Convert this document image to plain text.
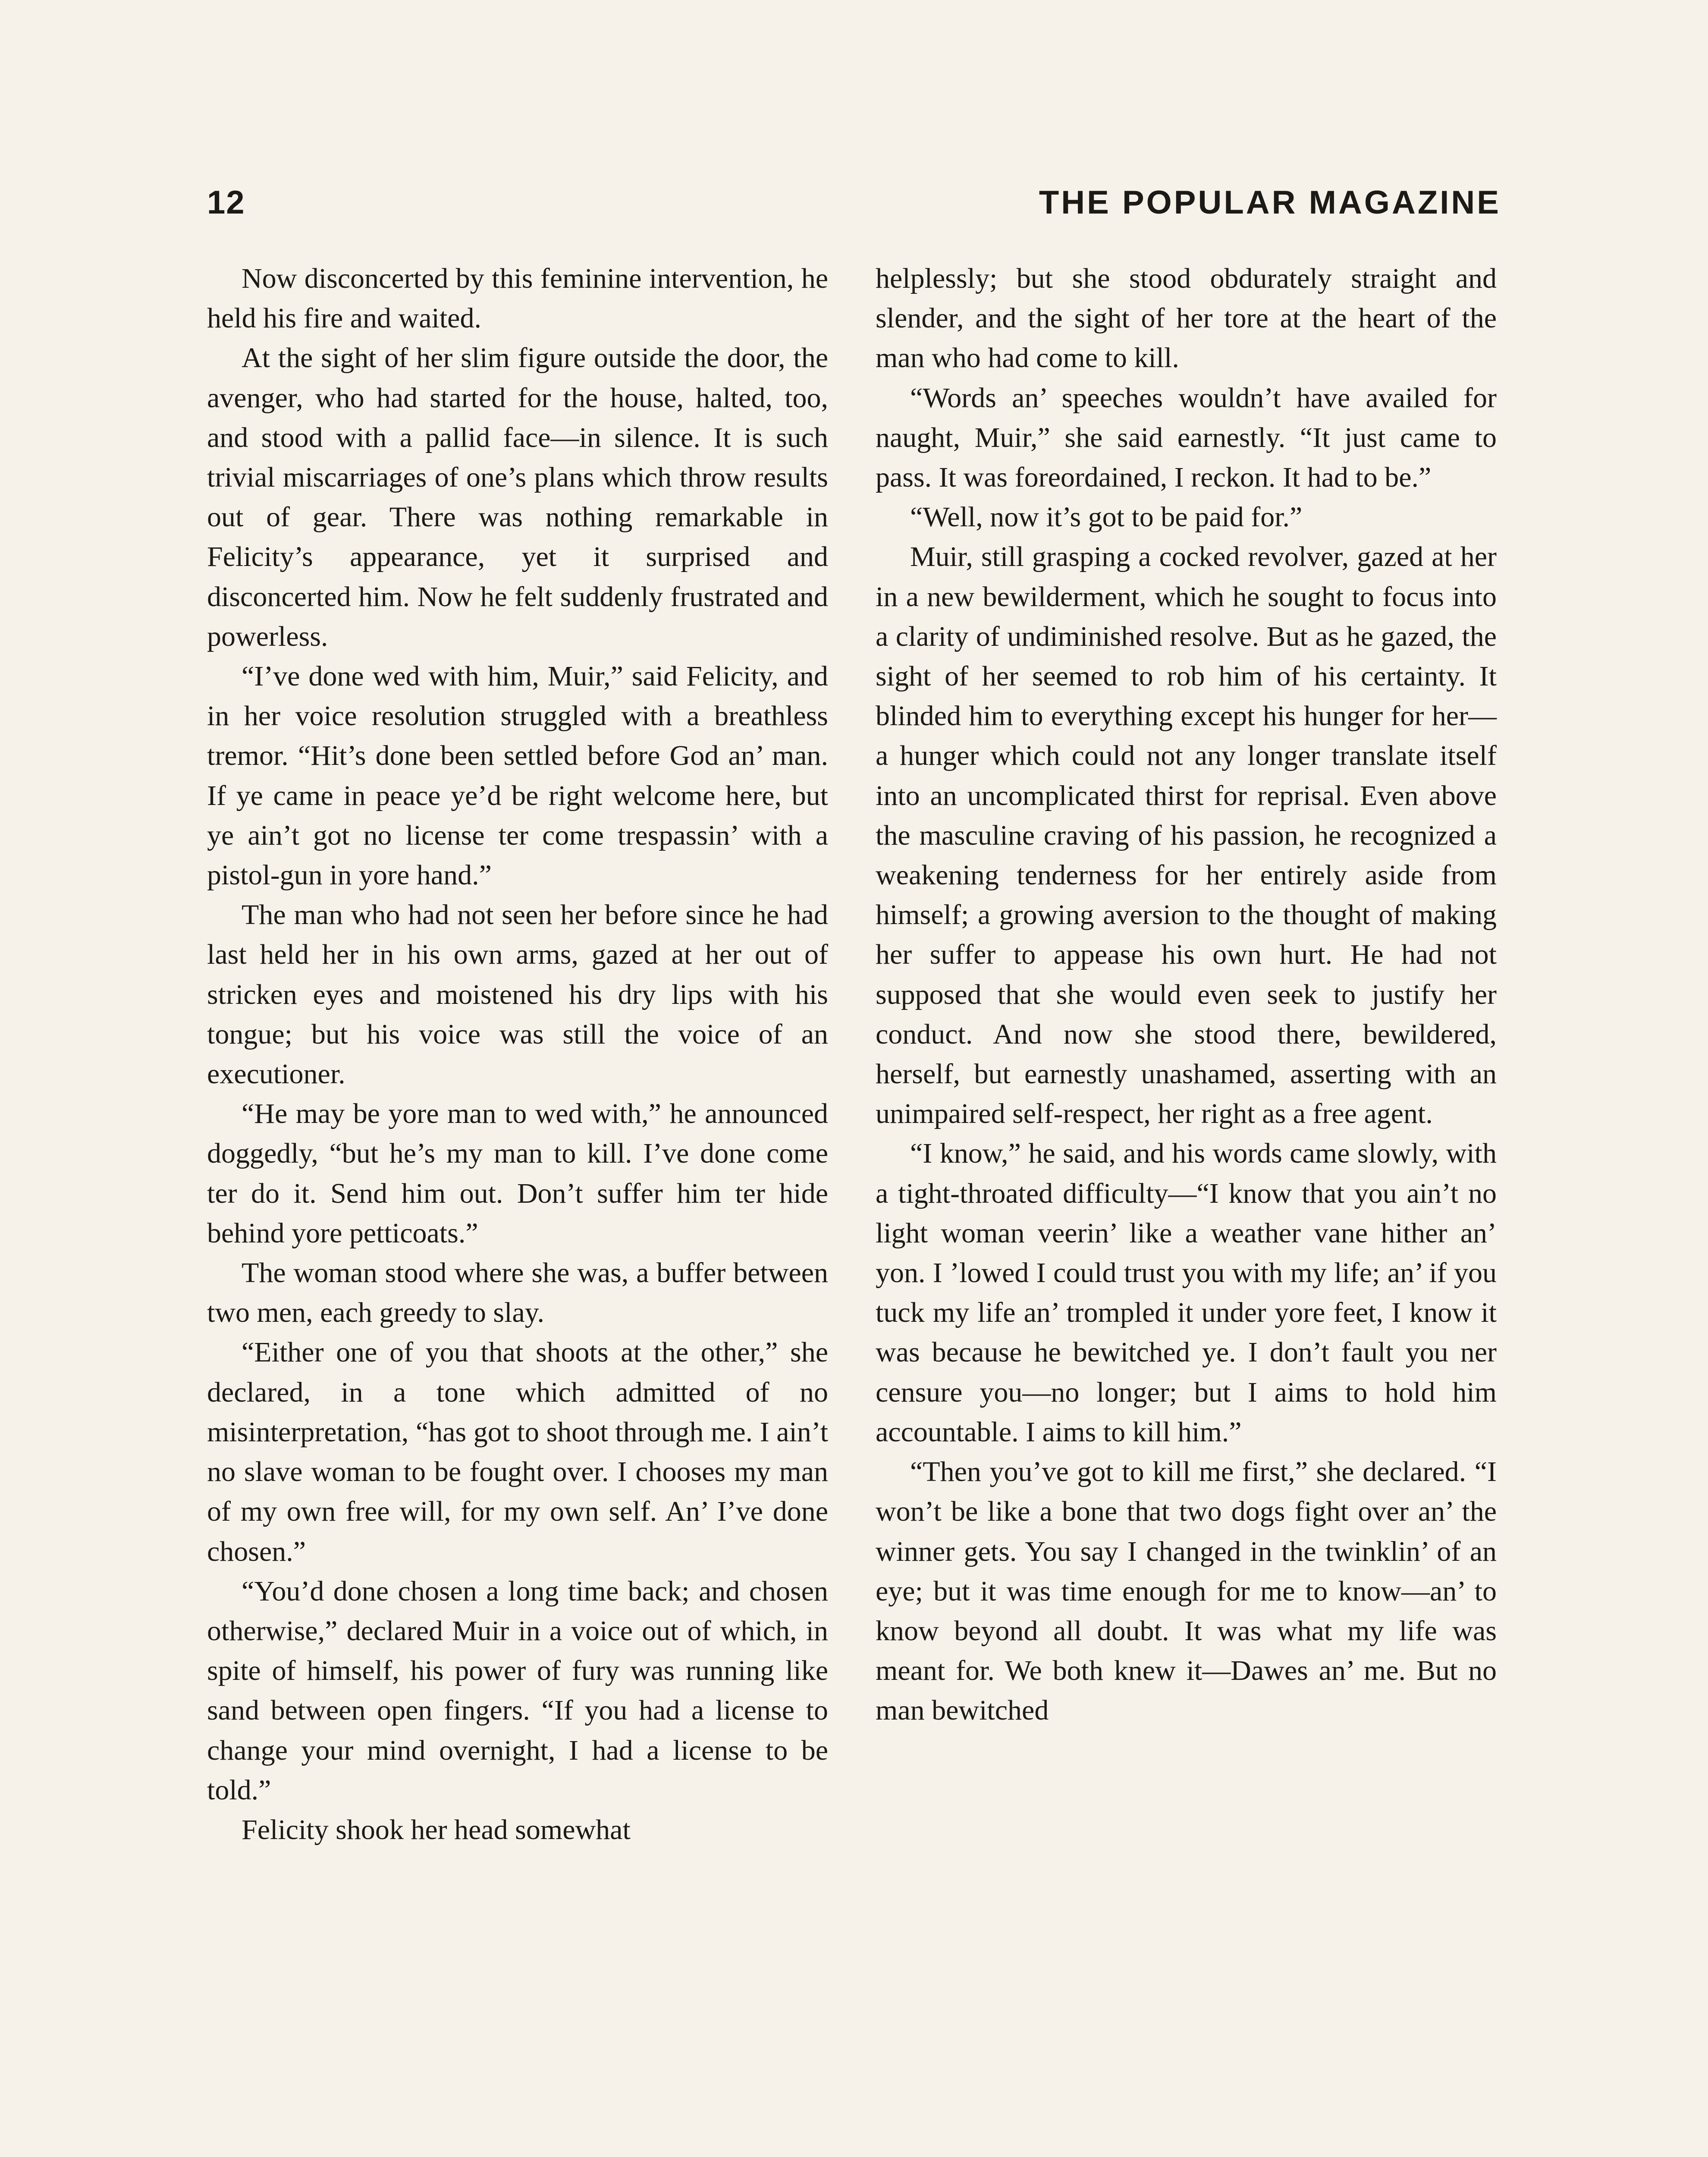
12	THE POPULAR MAGAZINE

Now disconcerted by this feminine intervention, he held his fire and waited.

At the sight of her slim figure outside the door, the avenger, who had started for the house, halted, too, and stood with a pallid face—in silence. It is such trivial miscarriages of one’s plans which throw results out of gear. There was nothing remarkable in Felicity’s appearance, yet it surprised and disconcerted him. Now he felt suddenly frustrated and powerless.

“I’ve done wed with him, Muir,” said Felicity, and in her voice resolution struggled with a breathless tremor. “Hit’s done been settled before God an’ man. If ye came in peace ye’d be right welcome here, but ye ain’t got no license ter come trespassin’ with a pistol-gun in yore hand.”

The man who had not seen her before since he had last held her in his own arms, gazed at her out of stricken eyes and moistened his dry lips with his tongue; but his voice was still the voice of an executioner.

“He may be yore man to wed with,” he announced doggedly, “but he’s my man to kill. I’ve done come ter do it. Send him out. Don’t suffer him ter hide behind yore petticoats.”

The woman stood where she was, a buffer between two men, each greedy to slay.

“Either one of you that shoots at the other,” she declared, in a tone which admitted of no misinterpretation, “has got to shoot through me. I ain’t no slave woman to be fought over. I chooses my man of my own free will, for my own self. An’ I’ve done chosen.”

“You’d done chosen a long time back; and chosen otherwise,” declared Muir in a voice out of which, in spite of himself, his power of fury was running like sand between open fingers. “If you had a license to change your mind overnight, I had a license to be told.”

Felicity shook her head somewhat

helplessly; but she stood obdurately straight and slender, and the sight of her tore at the heart of the man who had come to kill.

“Words an’ speeches wouldn’t have availed for naught, Muir,” she said earnestly. “It just came to pass. It was foreordained, I reckon. It had to be.”

“Well, now it’s got to be paid for.”

Muir, still grasping a cocked revolver, gazed at her in a new bewilderment, which he sought to focus into a clarity of undiminished resolve. But as he gazed, the sight of her seemed to rob him of his certainty. It blinded him to everything except his hunger for her—a hunger which could not any longer translate itself into an uncomplicated thirst for reprisal. Even above the masculine craving of his passion, he recognized a weakening tenderness for her entirely aside from himself; a growing aversion to the thought of making her suffer to appease his own hurt. He had not supposed that she would even seek to justify her conduct. And now she stood there, bewildered, herself, but earnestly unashamed, asserting with an unimpaired self-respect, her right as a free agent.

“I know,” he said, and his words came slowly, with a tight-throated difficulty—“I know that you ain’t no light woman veerin’ like a weather vane hither an’ yon. I ’lowed I could trust you with my life; an’ if you tuck my life an’ trompled it under yore feet, I know it was because he bewitched ye. I don’t fault you ner censure you—no longer; but I aims to hold him accountable. I aims to kill him.”

“Then you’ve got to kill me first,” she declared. “I won’t be like a bone that two dogs fight over an’ the winner gets. You say I changed in the twinklin’ of an eye; but it was time enough for me to know—an’ to know beyond all doubt. It was what my life was meant for. We both knew it—Dawes an’ me. But no man bewitched
